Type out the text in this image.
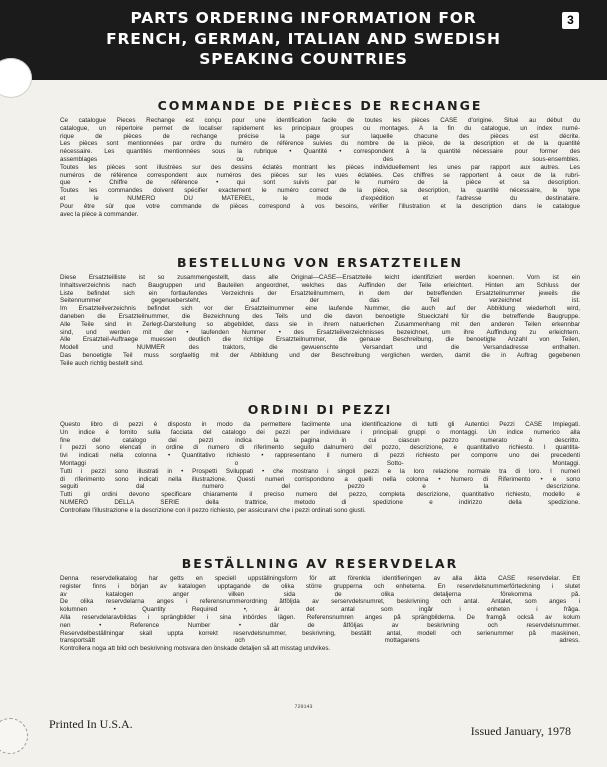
PARTS ORDERING INFORMATION FOR
FRENCH, GERMAN, ITALIAN AND SWEDISH
SPEAKING COUNTRIES
3
COMMANDE DE PIÈCES DE RECHANGE
Ce catalogue Pieces Rechange est conçu pour une identification facile de toutes les pièces CASE d'origine. Situé au début du
catalogue, un répertoire permet de localiser rapidement les principaux groupes ou montages. A la fin du catalogue, un index numé-
rique de pièces de rechange précise la page sur laquelle chacune des pièces est décrite.
Les pièces sont mentionnées par ordre du numéro de référence suivies du nombre de la pièce, de la description et de la quantité
nécessaire. Les quantités mentionnées sous la rubrique • Quantité • correspondent à la quantité nécessaire pour former des
assemblages ou des sous-ensembles.
Toutes les pièces sont illustrées sur des dessins éclatés montrant les pièces individuellement les unes par rapport aux autres. Les
numéros de référence correspondent aux numéros des pièces sur les vues éclatées. Ces chiffres se rapportent à ceux de la rubri-
que • Chiffre de référence • qui sont suivis par le numéro de la pièce et sa description.
Toutes les commandes doivent spécifier exactement le numéro correct de la pièce, sa description, la quantité nécessaire, le type
et le NUMERO DU MATERIEL, le mode d'expédition et l'adresse du destinataire.
Pour être sûr que votre commande de pièces correspond à vos besoins, vérifier l'illustration et la description dans le catalogue
avec la pièce à commander.
BESTELLUNG VON ERSATZTEILEN
Diese Ersatzteilliste ist so zusammengestellt, dass alle Original—CASE—Ersatzteile leicht identifiziert werden koennen. Vorn ist ein
Inhaltsverzeichnis nach Baugruppen und Bauteilen angeordnet, welches das Auffinden der Teile erleichtert. Hinten am Schluss der
Liste befindet sich ein fortlaufendes Verzeichnis der Ersatzteilnummern, in dem der betreffenden Ersatzteilnummer jeweils die
Seitennummer gegenuebersteht, auf der das Teil verzeichnet ist.
Im Ersatzteilverzeichnis befindet sich vor der Ersatzteilnummer eine laufende Nummer, die auch auf der Abbildung wiederholt wird,
daneben die Ersatzteilnummer, die Bezeichnung des Teils und die davon benoetigte Stueckzahl für die betreffende Baugruppe.
Alle Teile sind in Zerlegt-Darstellung so abgebildet, dass sie in ihrem natuerlichen Zusammenhang mit den anderen Teilen erkennbar
sind, und werden mit der • laufenden Nummer • des Ersatzteilverzeichnisses bezeichnet, um ihre Auffindung zu erleichtern.
Alle Ersatzteil-Auftraege muessen deutlich die richtige Ersatzteilnummer, die genaue Beschreibung, die benoetigte Anzahl von Teilen,
Modell und NUMMER des traktors, die gewuenschte Versandart und die Versandadresse enthalten.
Das benoetigte Teil muss sorgfaeltig mit der Abbildung und der Beschreibung verglichen werden, damit die in Auftrag gegebenen
Teile auch richtig bestellt sind.
ORDINI DI PEZZI
Questo libro di pezzi è disposto in modo da permettere facilmente una identificazione di tutti gli Autentici Pezzi CASE Impiegati.
Un indice è fornito sulla facciata del catalogo dei pezzi per individuare i principali gruppi o montaggi. Un indice numerico alla
fine del catalogo dei pezzi indica la pagina in cui ciascun pezzo numerato è descritto.
I pezzi sono elencati in ordine di numero di riferimento seguito dalnumero del pozzo, descrizione, e quantitativo richiesto. I quantita-
tivi indicati nella colonna • Quantitativo richiesto • rappresentano il numero di pezzi richiesto per comporre uno dei precedenti
Montaggi o Sotto- Montaggi.
Tutti i pezzi sono illustrati in • Prospetti Sviluppati • che mostrano i singoli pezzi e la loro relazione normale tra di loro. I numeri
di riferimento sono indicati nella illustrazione. Questi numeri corrispondono a quelli nella colonna • Numero di Riferimento • e sono
seguiti dal numero del pezzo e la descrizione.
Tutti gli ordini devono specificare chiaramente il preciso numero del pezzo, completa descrizione, quantitativo richiesto, modello e
NUMERO DELLA SERIE della trattrice, metodo di spedizione e indirizzo della spedizione.
Controllate l'illustrazione e la descrizione con il pezzo richiesto, per assicurarvi che i pezzi ordinati sono giusti.
BESTÄLLNING AV RESERVDELAR
Denna reservdelkatalog har getts en speciell uppställningsform för att förenkla identifieringen av alla äkta CASE reservdelar. Ett
register finns i början av katalogen upptagande de olika större grupperna och enheterna. En reservdelsnummerförteckning i slutet
av katalogen anger vilken sida de olika detaljerna förekomma på.
De olika reservdelarna anges i referensnummerordning åtföljda av serservdelsnumret, beskrivning och antal. Antalet, som anges i
kolumnen • Quantity Required •, är det antal som ingår i enheten i fråga.
Alla reservdelaravbildas i sprängbilder i sina inbördes lägen. Referensnumren anges på sprängbilderna. De framgå också av kolum
nen • Reference Number • där de åtföljas av beskrivning och reservdelsnummer.
Reservdelbeställningar skall uppta korrekt reservdelsnummer, beskrivning, beställt antal, modell och serienummer på maskinen,
transportsätt och mottagarens adress.
Kontrollera noga att bild och beskrivning motsvara den önskade detaljen så att misstag undvikes.
720143
Printed In U.S.A.	Issued January, 1978
